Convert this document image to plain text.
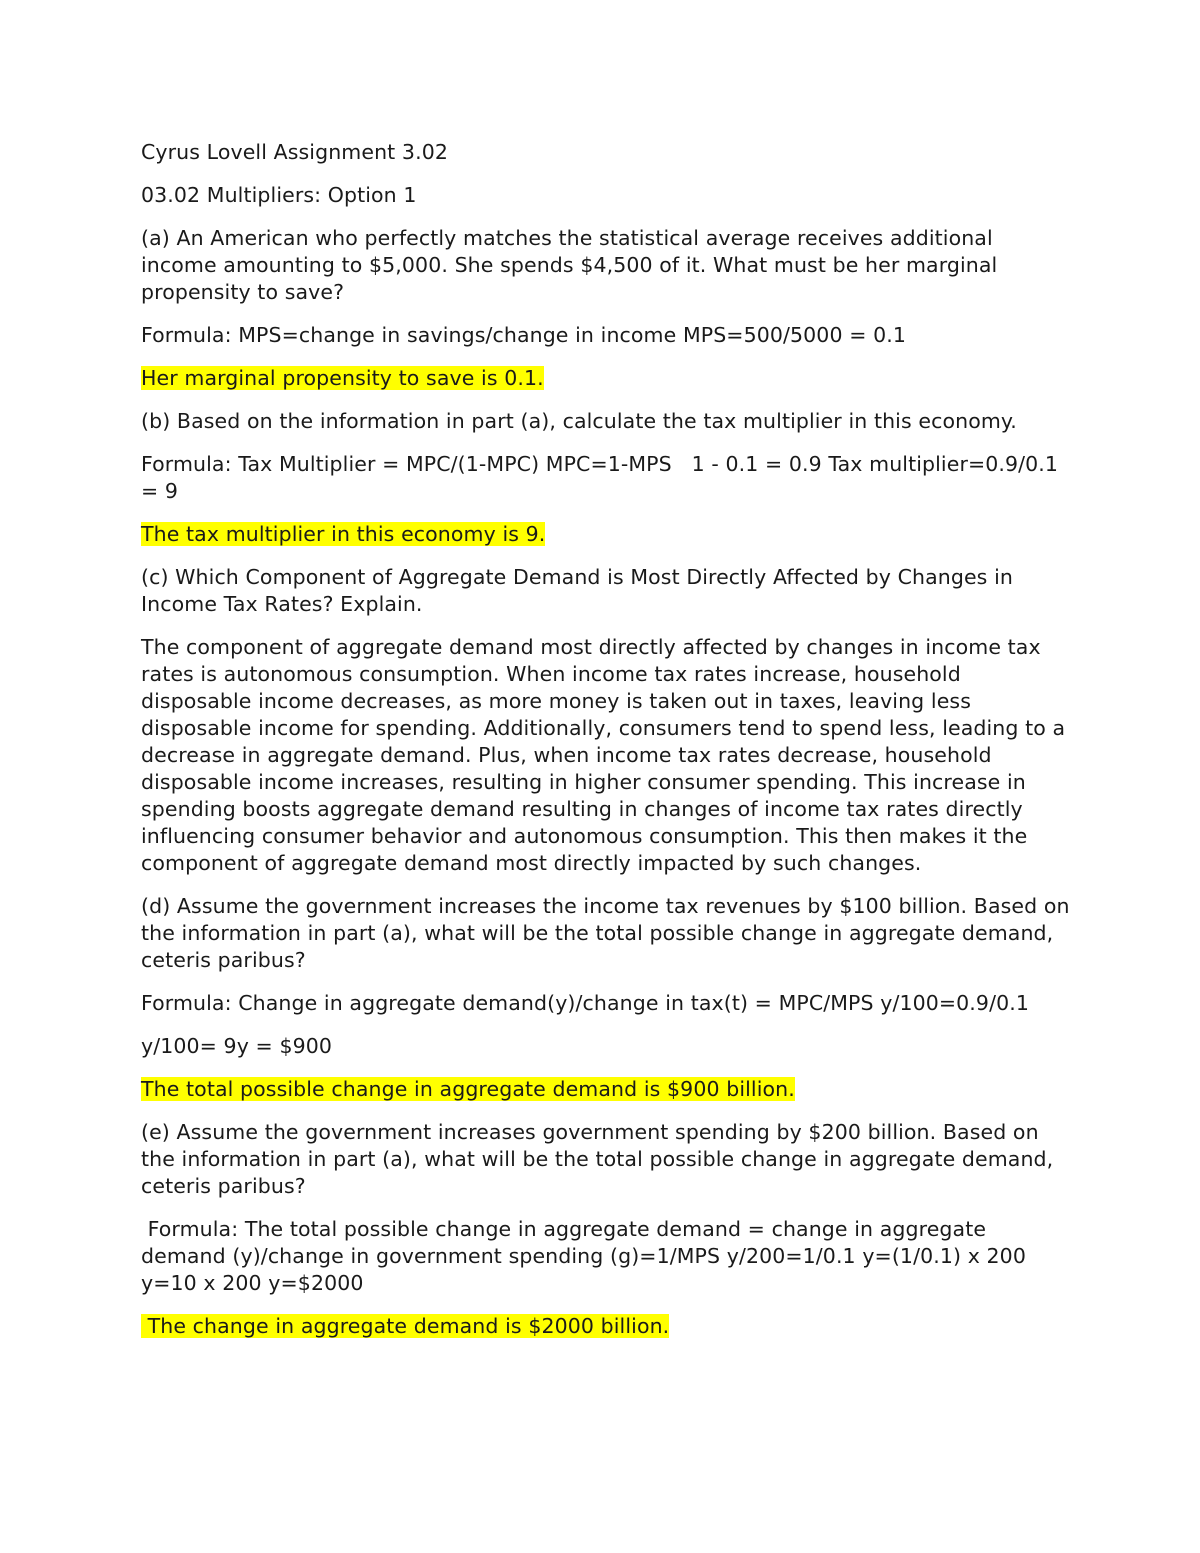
Cyrus Lovell Assignment 3.02

03.02 Multipliers: Option 1

(a) An American who perfectly matches the statistical average receives additional income amounting to $5,000. She spends $4,500 of it. What must be her marginal propensity to save?

Formula: MPS=change in savings/change in income MPS=500/5000 = 0.1

Her marginal propensity to save is 0.1.

(b) Based on the information in part (a), calculate the tax multiplier in this economy.

Formula: Tax Multiplier = MPC/(1-MPC) MPC=1-MPS   1 - 0.1 = 0.9 Tax multiplier=0.9/0.1 = 9

The tax multiplier in this economy is 9.

(c) Which Component of Aggregate Demand is Most Directly Affected by Changes in Income Tax Rates? Explain.

The component of aggregate demand most directly affected by changes in income tax rates is autonomous consumption. When income tax rates increase, household disposable income decreases, as more money is taken out in taxes, leaving less disposable income for spending. Additionally, consumers tend to spend less, leading to a decrease in aggregate demand. Plus, when income tax rates decrease, household disposable income increases, resulting in higher consumer spending. This increase in spending boosts aggregate demand resulting in changes of income tax rates directly influencing consumer behavior and autonomous consumption. This then makes it the component of aggregate demand most directly impacted by such changes.

(d) Assume the government increases the income tax revenues by $100 billion. Based on the information in part (a), what will be the total possible change in aggregate demand, ceteris paribus?

Formula: Change in aggregate demand(y)/change in tax(t) = MPC/MPS y/100=0.9/0.1

y/100= 9y = $900

The total possible change in aggregate demand is $900 billion.

(e) Assume the government increases government spending by $200 billion. Based on the information in part (a), what will be the total possible change in aggregate demand, ceteris paribus?

Formula: The total possible change in aggregate demand = change in aggregate demand (y)/change in government spending (g)=1/MPS y/200=1/0.1 y=(1/0.1) x 200 y=10 x 200 y=$2000

The change in aggregate demand is $2000 billion.
